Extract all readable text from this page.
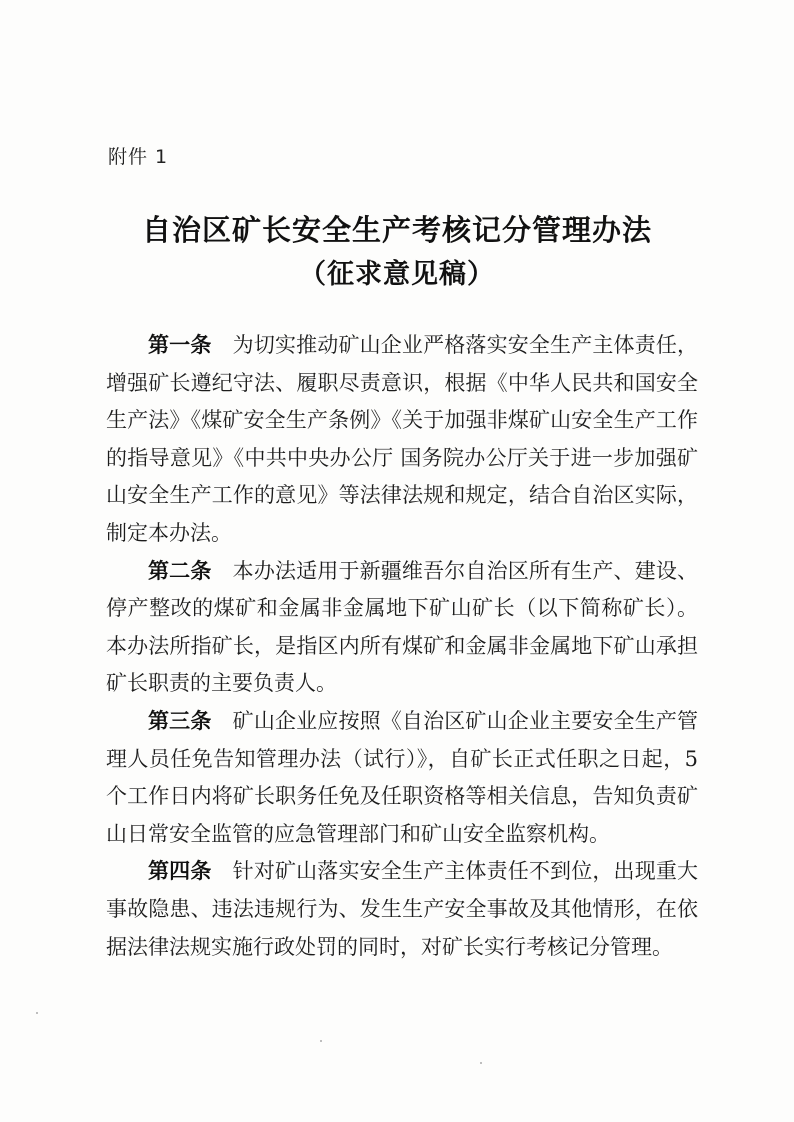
附件 1
自治区矿长安全生产考核记分管理办法
（征求意见稿）

第一条　 为切实推动矿山企业严格落实安全生产主体责任，增强矿长遵纪守法、履职尽责意识，根据《中华人民共和国安全生产法》《煤矿安全生产条例》《关于加强非煤矿山安全生产工作的指导意见》《中共中央办公厅 国务院办公厅关于进一步加强矿山安全生产工作的意见》等法律法规和规定，结合自治区实际，制定本办法。

第二条　 本办法适用于新疆维吾尔自治区所有生产、建设、停产整改的煤矿和金属非金属地下矿山矿长（以下简称矿长）。本办法所指矿长，是指区内所有煤矿和金属非金属地下矿山承担矿长职责的主要负责人。

第三条　 矿山企业应按照《自治区矿山企业主要安全生产管理人员任免告知管理办法（试行）》，自矿长正式任职之日起，5个工作日内将矿长职务任免及任职资格等相关信息，告知负责矿山日常安全监管的应急管理部门和矿山安全监察机构。

第四条　 针对矿山落实安全生产主体责任不到位，出现重大事故隐患、违法违规行为、发生生产安全事故及其他情形，在依据法律法规实施行政处罚的同时，对矿长实行考核记分管理。
